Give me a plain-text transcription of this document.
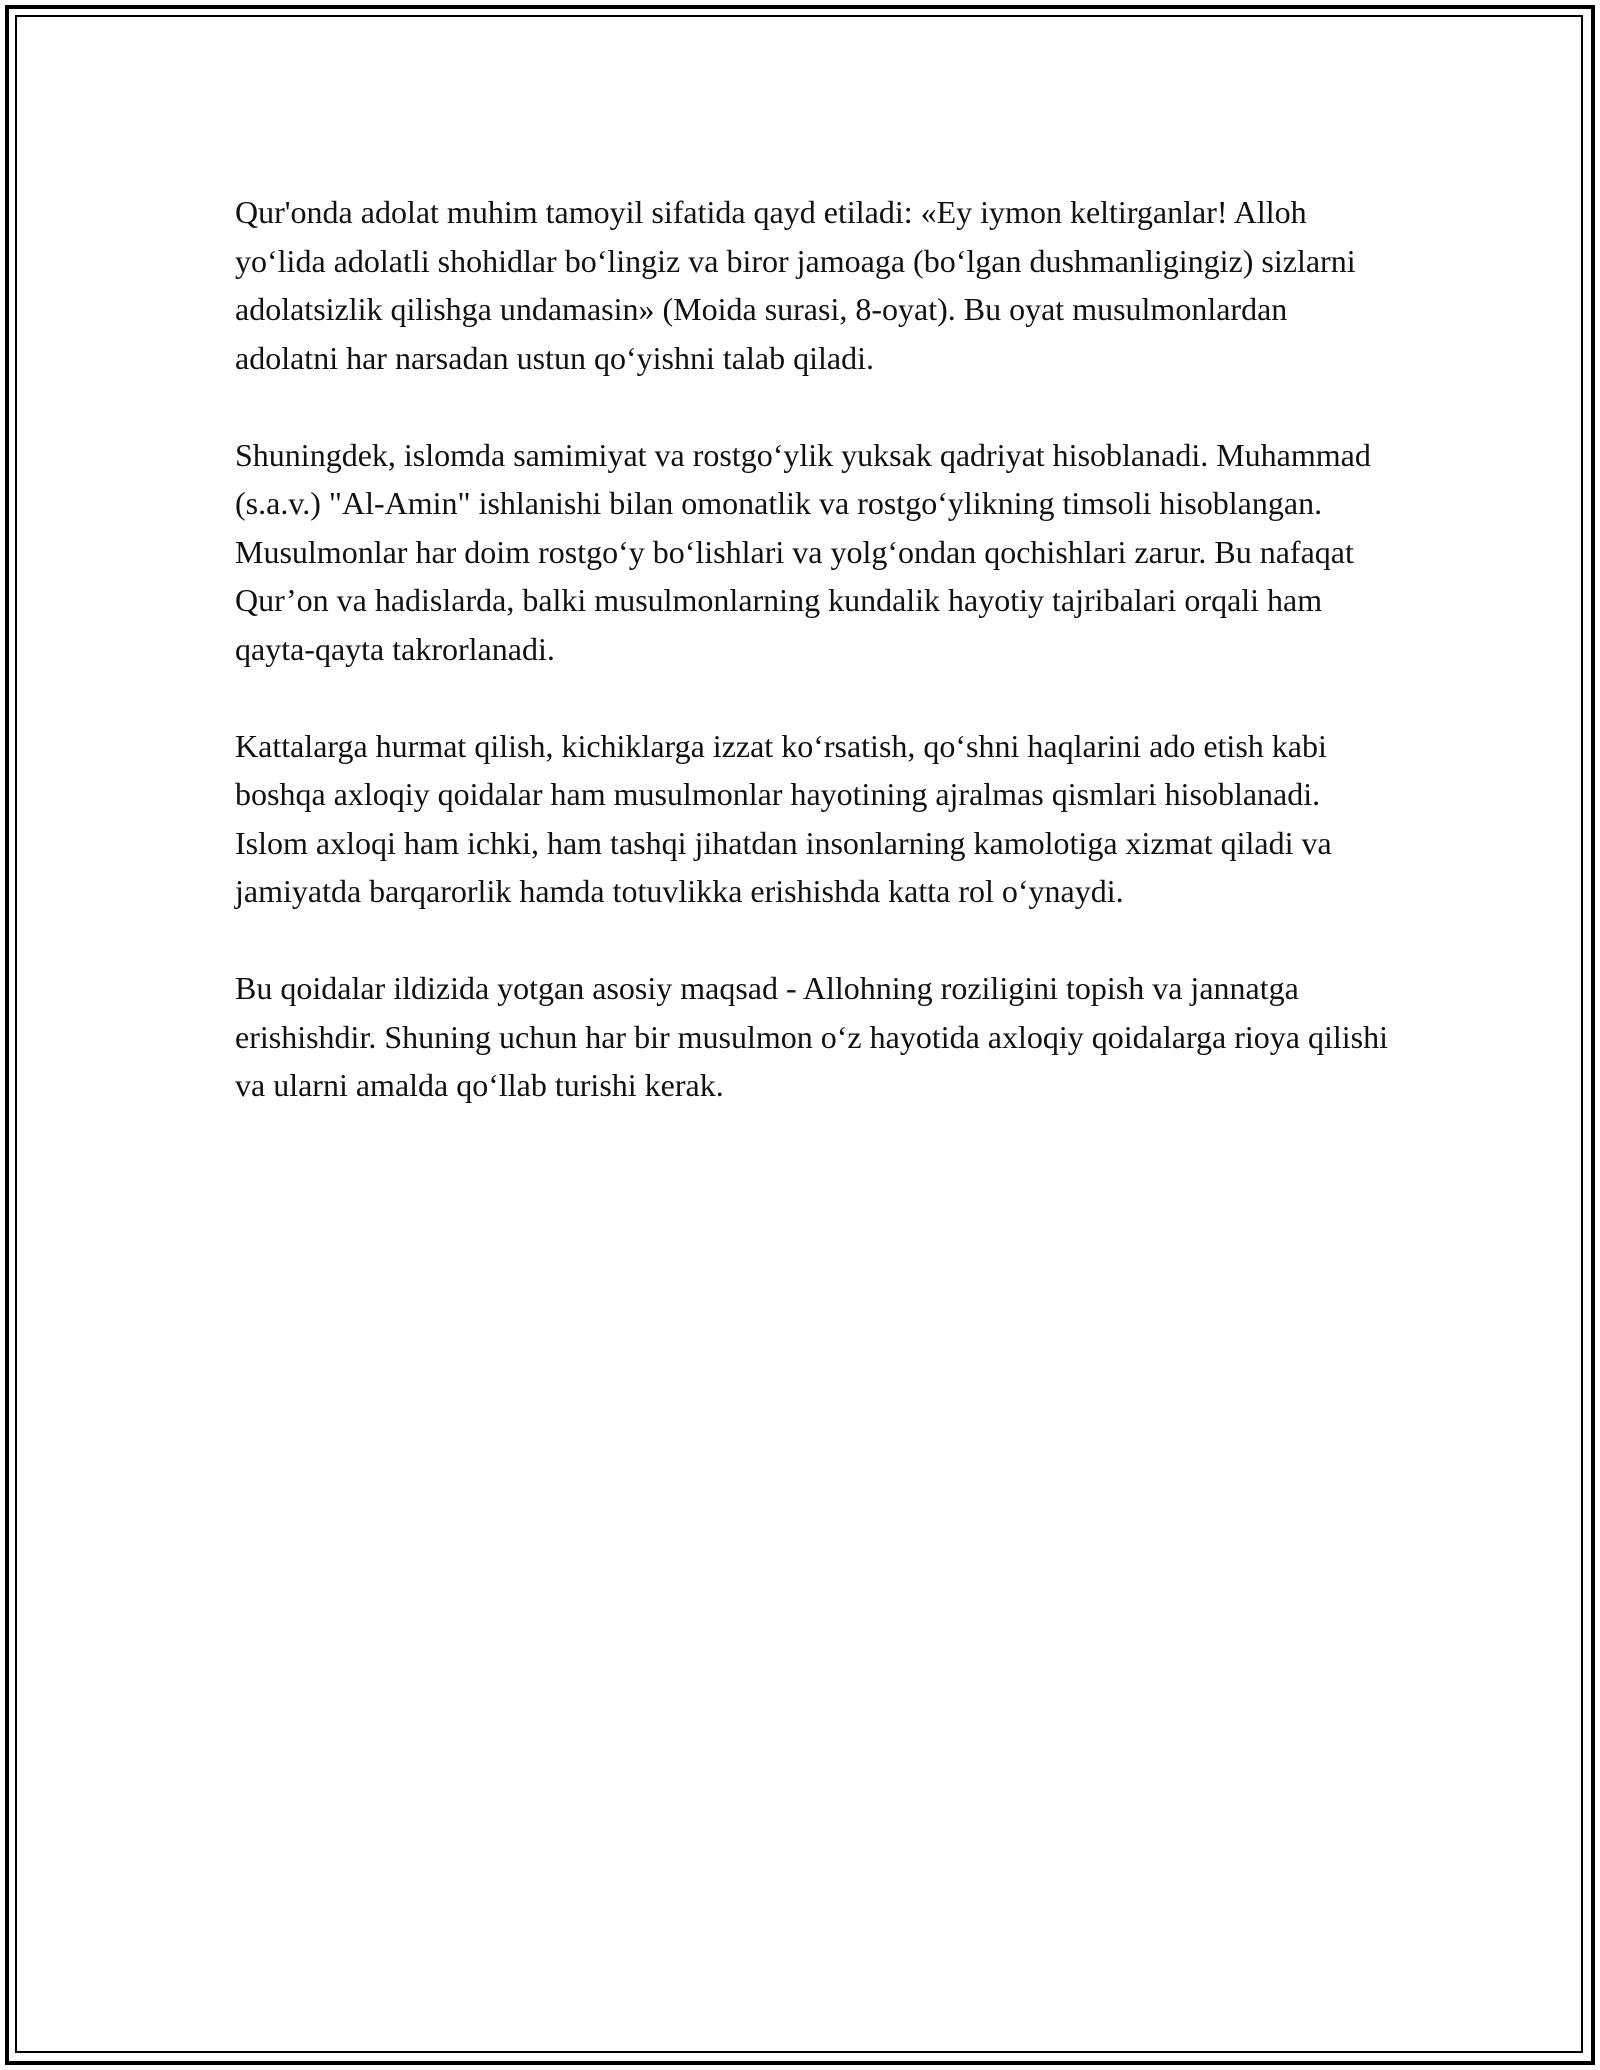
Qur'onda adolat muhim tamoyil sifatida qayd etiladi: «Ey iymon keltirganlar! Alloh yo‘lida adolatli shohidlar bo‘lingiz va biror jamoaga (bo‘lgan dushmanligingiz) sizlarni adolatsizlik qilishga undamasin» (Moida surasi, 8-oyat). Bu oyat musulmonlardan adolatni har narsadan ustun qo‘yishni talab qiladi.

Shuningdek, islomda samimiyat va rostgo‘ylik yuksak qadriyat hisoblanadi. Muhammad (s.a.v.) "Al-Amin" ishlanishi bilan omonatlik va rostgo‘ylikning timsoli hisoblangan. Musulmonlar har doim rostgo‘y bo‘lishlari va yolg‘ondan qochishlari zarur. Bu nafaqat Qur’on va hadislarda, balki musulmonlarning kundalik hayotiy tajribalari orqali ham qayta-qayta takrorlanadi.

Kattalarga hurmat qilish, kichiklarga izzat ko‘rsatish, qo‘shni haqlarini ado etish kabi boshqa axloqiy qoidalar ham musulmonlar hayotining ajralmas qismlari hisoblanadi. Islom axloqi ham ichki, ham tashqi jihatdan insonlarning kamolotiga xizmat qiladi va jamiyatda barqarorlik hamda totuvlikka erishishda katta rol o‘ynaydi.

Bu qoidalar ildizida yotgan asosiy maqsad - Allohning roziligini topish va jannatga erishishdir. Shuning uchun har bir musulmon o‘z hayotida axloqiy qoidalarga rioya qilishi va ularni amalda qo‘llab turishi kerak.
